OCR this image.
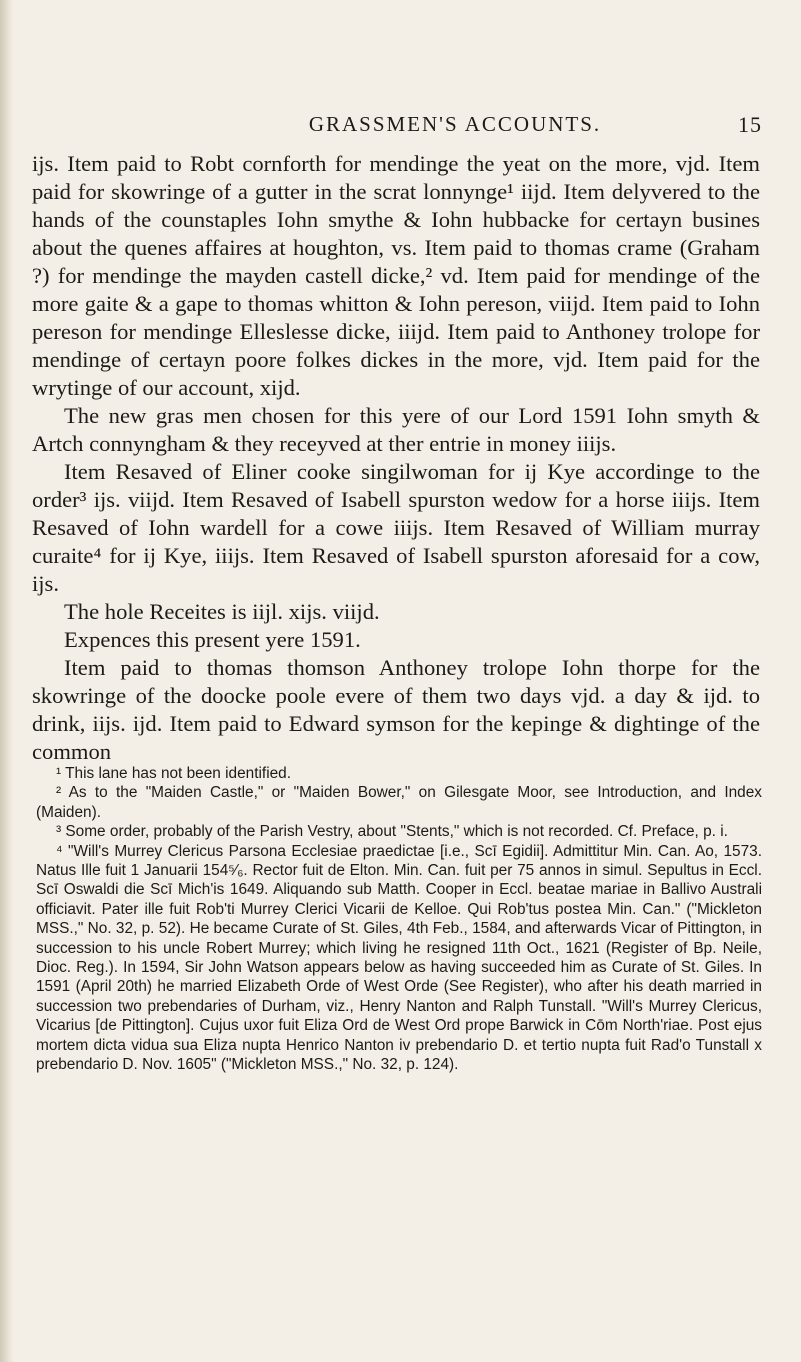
GRASSMEN'S ACCOUNTS.	15

ijs. Item paid to Robt cornforth for mendinge the yeat on the more, vjd. Item paid for skowringe of a gutter in the scrat lonnynge¹ iijd. Item delyvered to the hands of the counstaples Iohn smythe & Iohn hubbacke for certayn busines about the quenes affaires at houghton, vs. Item paid to thomas crame (Graham ?) for mendinge the mayden castell dicke,² vd. Item paid for mendinge of the more gaite & a gape to thomas whitton & Iohn pereson, viijd. Item paid to Iohn pereson for mendinge Elleslesse dicke, iiijd. Item paid to Anthoney trolope for mendinge of certayn poore folkes dickes in the more, vjd. Item paid for the wrytinge of our account, xijd.

The new gras men chosen for this yere of our Lord 1591 Iohn smyth & Artch connyngham & they receyved at ther entrie in money iiijs.

Item Resaved of Eliner cooke singilwoman for ij Kye accordinge to the order³ ijs. viijd. Item Resaved of Isabell spurston wedow for a horse iiijs. Item Resaved of Iohn wardell for a cowe iiijs. Item Resaved of William murray curaite⁴ for ij Kye, iiijs. Item Resaved of Isabell spurston aforesaid for a cow, ijs.

The hole Receites is iijl. xijs. viijd.

Expences this present yere 1591.

Item paid to thomas thomson Anthoney trolope Iohn thorpe for the skowringe of the doocke poole evere of them two days vjd. a day & ijd. to drink, iijs. ijd. Item paid to Edward symson for the kepinge & dightinge of the common

¹ This lane has not been identified.

² As to the "Maiden Castle," or "Maiden Bower," on Gilesgate Moor, see Introduction, and Index (Maiden).

³ Some order, probably of the Parish Vestry, about "Stents," which is not recorded. Cf. Preface, p. i.

⁴ "Will's Murrey Clericus Parsona Ecclesiae praedictae [i.e., Scī Egidii]. Admittitur Min. Can. Ao, 1573. Natus Ille fuit 1 Januarii 154⁵⁄₆. Rector fuit de Elton. Min. Can. fuit per 75 annos in simul. Sepultus in Eccl. Scī Oswaldi die Scī Mich'is 1649. Aliquando sub Matth. Cooper in Eccl. beatae mariae in Ballivo Australi officiavit. Pater ille fuit Rob'ti Murrey Clerici Vicarii de Kelloe. Qui Rob'tus postea Min. Can." ("Mickleton MSS.," No. 32, p. 52). He became Curate of St. Giles, 4th Feb., 1584, and afterwards Vicar of Pittington, in succession to his uncle Robert Murrey; which living he resigned 11th Oct., 1621 (Register of Bp. Neile, Dioc. Reg.). In 1594, Sir John Watson appears below as having succeeded him as Curate of St. Giles. In 1591 (April 20th) he married Elizabeth Orde of West Orde (See Register), who after his death married in succession two prebendaries of Durham, viz., Henry Nanton and Ralph Tunstall. "Will's Murrey Clericus, Vicarius [de Pittington]. Cujus uxor fuit Eliza Ord de West Ord prope Barwick in Cōm North'riae. Post ejus mortem dicta vidua sua Eliza nupta Henrico Nanton iv prebendario D. et tertio nupta fuit Rad'o Tunstall x prebendario D. Nov. 1605" ("Mickleton MSS.," No. 32, p. 124).
